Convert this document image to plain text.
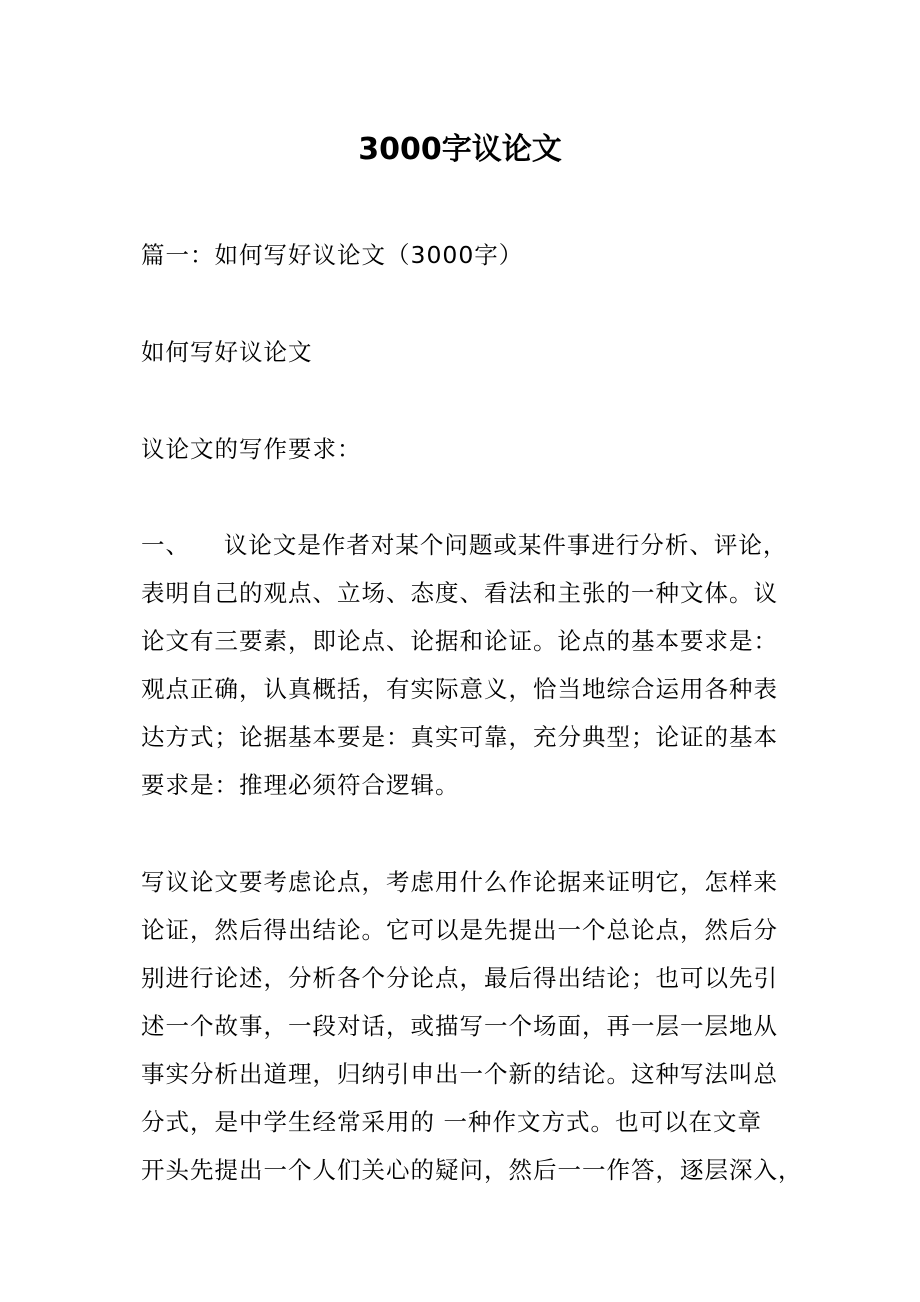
3000字议论文
篇一：如何写好议论文（3000字）
如何写好议论文
议论文的写作要求：
一、    议论文是作者对某个问题或某件事进行分析、评论，
表明自己的观点、立场、态度、看法和主张的一种文体。议
论文有三要素，即论点、论据和论证。论点的基本要求是：
观点正确，认真概括，有实际意义，恰当地综合运用各种表
达方式；论据基本要是：真实可靠，充分典型；论证的基本
要求是：推理必须符合逻辑。
写议论文要考虑论点，考虑用什么作论据来证明它，怎样来
论证，然后得出结论。它可以是先提出一个总论点，然后分
别进行论述，分析各个分论点，最后得出结论；也可以先引
述一个故事，一段对话，或描写一个场面，再一层一层地从
事实分析出道理，归纳引申出一个新的结论。这种写法叫总
分式，是中学生经常采用的 一种作文方式。也可以在文章
开头先提出一个人们关心的疑问，然后一一作答，逐层深入，
